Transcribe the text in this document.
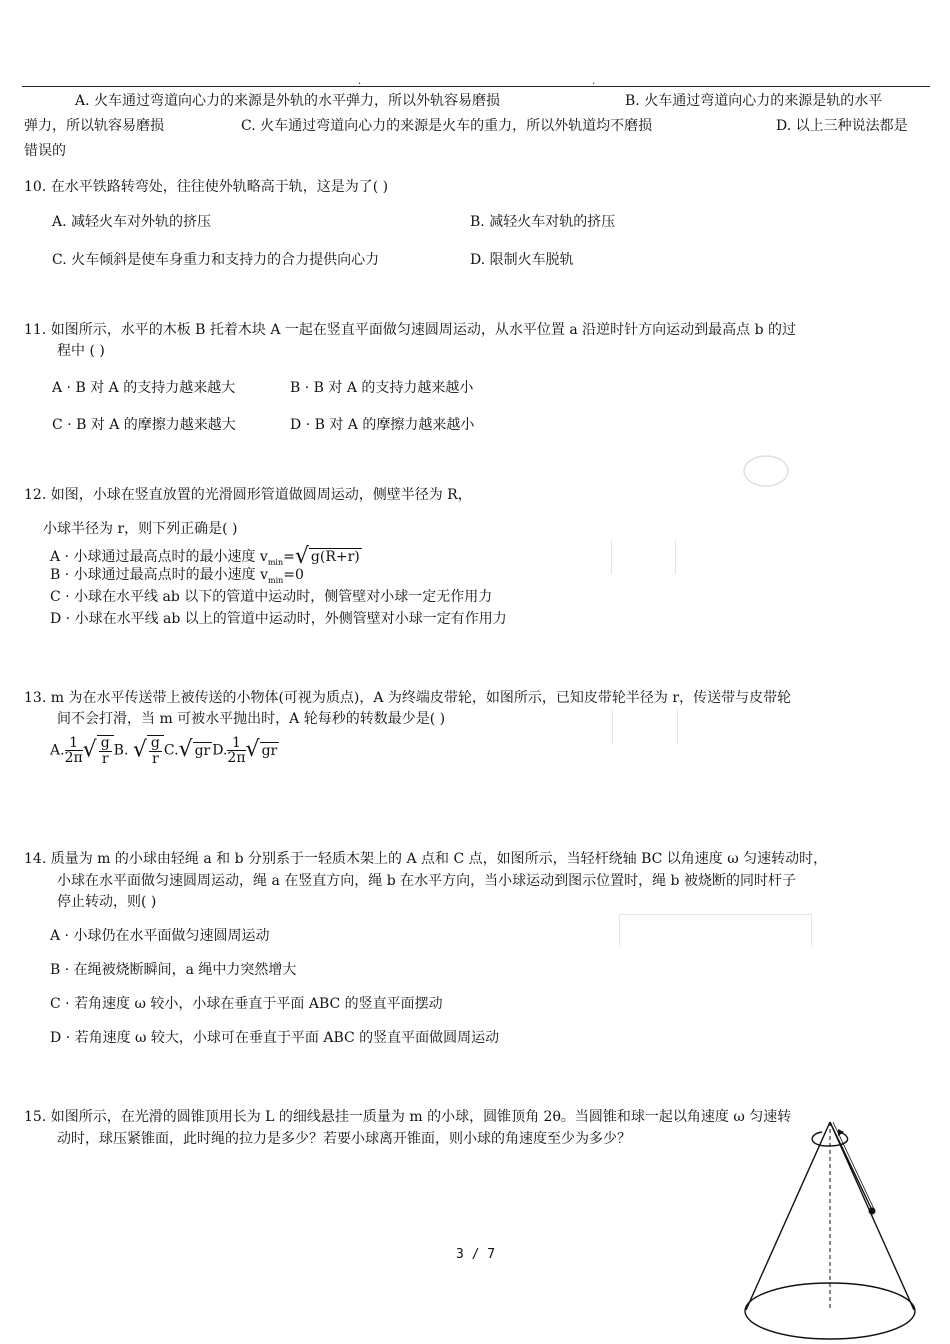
.	.
A. 火车通过弯道向心力的来源是外轨的水平弹力，所以外轨容易磨损	B. 火车通过弯道向心力的来源是轨的水平
弹力，所以轨容易磨损	C. 火车通过弯道向心力的来源是火车的重力，所以外轨道均不磨损	D. 以上三种说法都是
错误的
10. 在水平铁路转弯处，往往使外轨略高于轨，这是为了( )
A. 减轻火车对外轨的挤压	B. 减轻火车对轨的挤压
C. 火车倾斜是使车身重力和支持力的合力提供向心力	D. 限制火车脱轨
11. 如图所示，水平的木板 B 托着木块 A 一起在竖直平面做匀速圆周运动，从水平位置 a 沿逆时针方向运动到最高点 b 的过
程中 ( )
A · B 对 A 的支持力越来越大	B · B 对 A 的支持力越来越小
C · B 对 A 的摩擦力越来越大	D · B 对 A 的摩擦力越来越小
12. 如图，小球在竖直放置的光滑圆形管道做圆周运动，侧壁半径为 R，
小球半径为 r，则下列正确是( )
A · 小球通过最高点时的最小速度 $v_{min}=√$ g(R+r)
B · 小球通过最高点时的最小速度 $v_{min}=0$
C · 小球在水平线 ab 以下的管道中运动时，侧管壁对小球一定无作用力
D · 小球在水平线 ab 以上的管道中运动时，外侧管壁对小球一定有作用力
13. m 为在水平传送带上被传送的小物体(可视为质点)，A 为终端皮带轮，如图所示，已知皮带轮半径为 r，传送带与皮带轮
间不会打滑，当 m 可被水平抛出时，A 轮每秒的转数最少是( )
A. $\frac{1}{2\pi}$ √ $\frac{g}{r} B$. √ $\frac{g}{r} C.√$ gr D. $\frac{1}{2\pi}$ √ gr
14. 质量为 m 的小球由轻绳 a 和 b 分别系于一轻质木架上的 A 点和 C 点，如图所示，当轻杆绕轴 BC 以角速度 ω 匀速转动时，
小球在水平面做匀速圆周运动，绳 a 在竖直方向，绳 b 在水平方向，当小球运动到图示位置时，绳 b 被烧断的同时杆子
停止转动，则( )
A · 小球仍在水平面做匀速圆周运动
B · 在绳被烧断瞬间，a 绳中力突然增大
C · 若角速度 ω 较小，小球在垂直于平面 ABC 的竖直平面摆动
D · 若角速度 ω 较大，小球可在垂直于平面 ABC 的竖直平面做圆周运动
15. 如图所示，在光滑的圆锥顶用长为 L 的细线悬挂一质量为 m 的小球，圆锥顶角 2θ。当圆锥和球一起以角速度 ω 匀速转
动时，球压紧锥面，此时绳的拉力是多少？若要小球离开锥面，则小球的角速度至少为多少？
3 / 7
